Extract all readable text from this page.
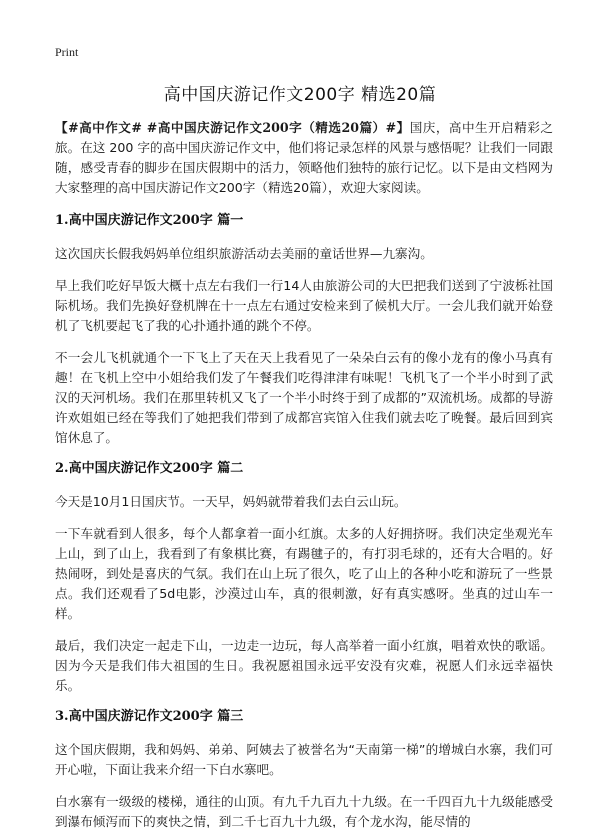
Print
高中国庆游记作文200字 精选20篇

【#高中作文# #高中国庆游记作文200字（精选20篇）#】国庆，高中生开启精彩之旅。在这 200 字的高中国庆游记作文中，他们将记录怎样的风景与感悟呢？让我们一同跟随，感受青春的脚步在国庆假期中的活力，领略他们独特的旅行记忆。以下是由文档网为大家整理的高中国庆游记作文200字（精选20篇），欢迎大家阅读。

1.高中国庆游记作文200字 篇一

这次国庆长假我妈妈单位组织旅游活动去美丽的童话世界—九寨沟。

早上我们吃好早饭大概十点左右我们一行14人由旅游公司的大巴把我们送到了宁波栎社国际机场。我们先换好登机牌在十一点左右通过安检来到了候机大厅。一会儿我们就开始登机了飞机要起飞了我的心扑通扑通的跳个不停。

不一会儿飞机就通个一下飞上了天在天上我看见了一朵朵白云有的像小龙有的像小马真有趣！在飞机上空中小姐给我们发了午餐我们吃得津津有味呢！飞机飞了一个半小时到了武汉的天河机场。我们在那里转机又飞了一个半小时终于到了成都的”双流机场。成都的导游许欢姐姐已经在等我们了她把我们带到了成都宫宾馆入住我们就去吃了晚餐。最后回到宾馆休息了。

2.高中国庆游记作文200字 篇二

今天是10月1日国庆节。一天早，妈妈就带着我们去白云山玩。

一下车就看到人很多，每个人都拿着一面小红旗。太多的人好拥挤呀。我们决定坐观光车上山，到了山上，我看到了有象棋比赛，有踢毽子的，有打羽毛球的，还有大合唱的。好热闹呀，到处是喜庆的气氛。我们在山上玩了很久，吃了山上的各种小吃和游玩了一些景点。我们还观看了5d电影，沙漠过山车，真的很刺激，好有真实感呀。坐真的过山车一样。

最后，我们决定一起走下山，一边走一边玩，每人高举着一面小红旗，唱着欢快的歌谣。因为今天是我们伟大祖国的生日。我祝愿祖国永远平安没有灾难，祝愿人们永远幸福快乐。

3.高中国庆游记作文200字 篇三

这个国庆假期，我和妈妈、弟弟、阿姨去了被誉名为“天南第一梯”的增城白水寨，我们可开心啦，下面让我来介绍一下白水寨吧。

白水寨有一级级的楼梯，通往的山顶。有九千九百九十九级。在一千四百九十九级能感受到瀑布倾泻而下的爽快之情，到二千七百九十九级，有个龙水沟，能尽情的
